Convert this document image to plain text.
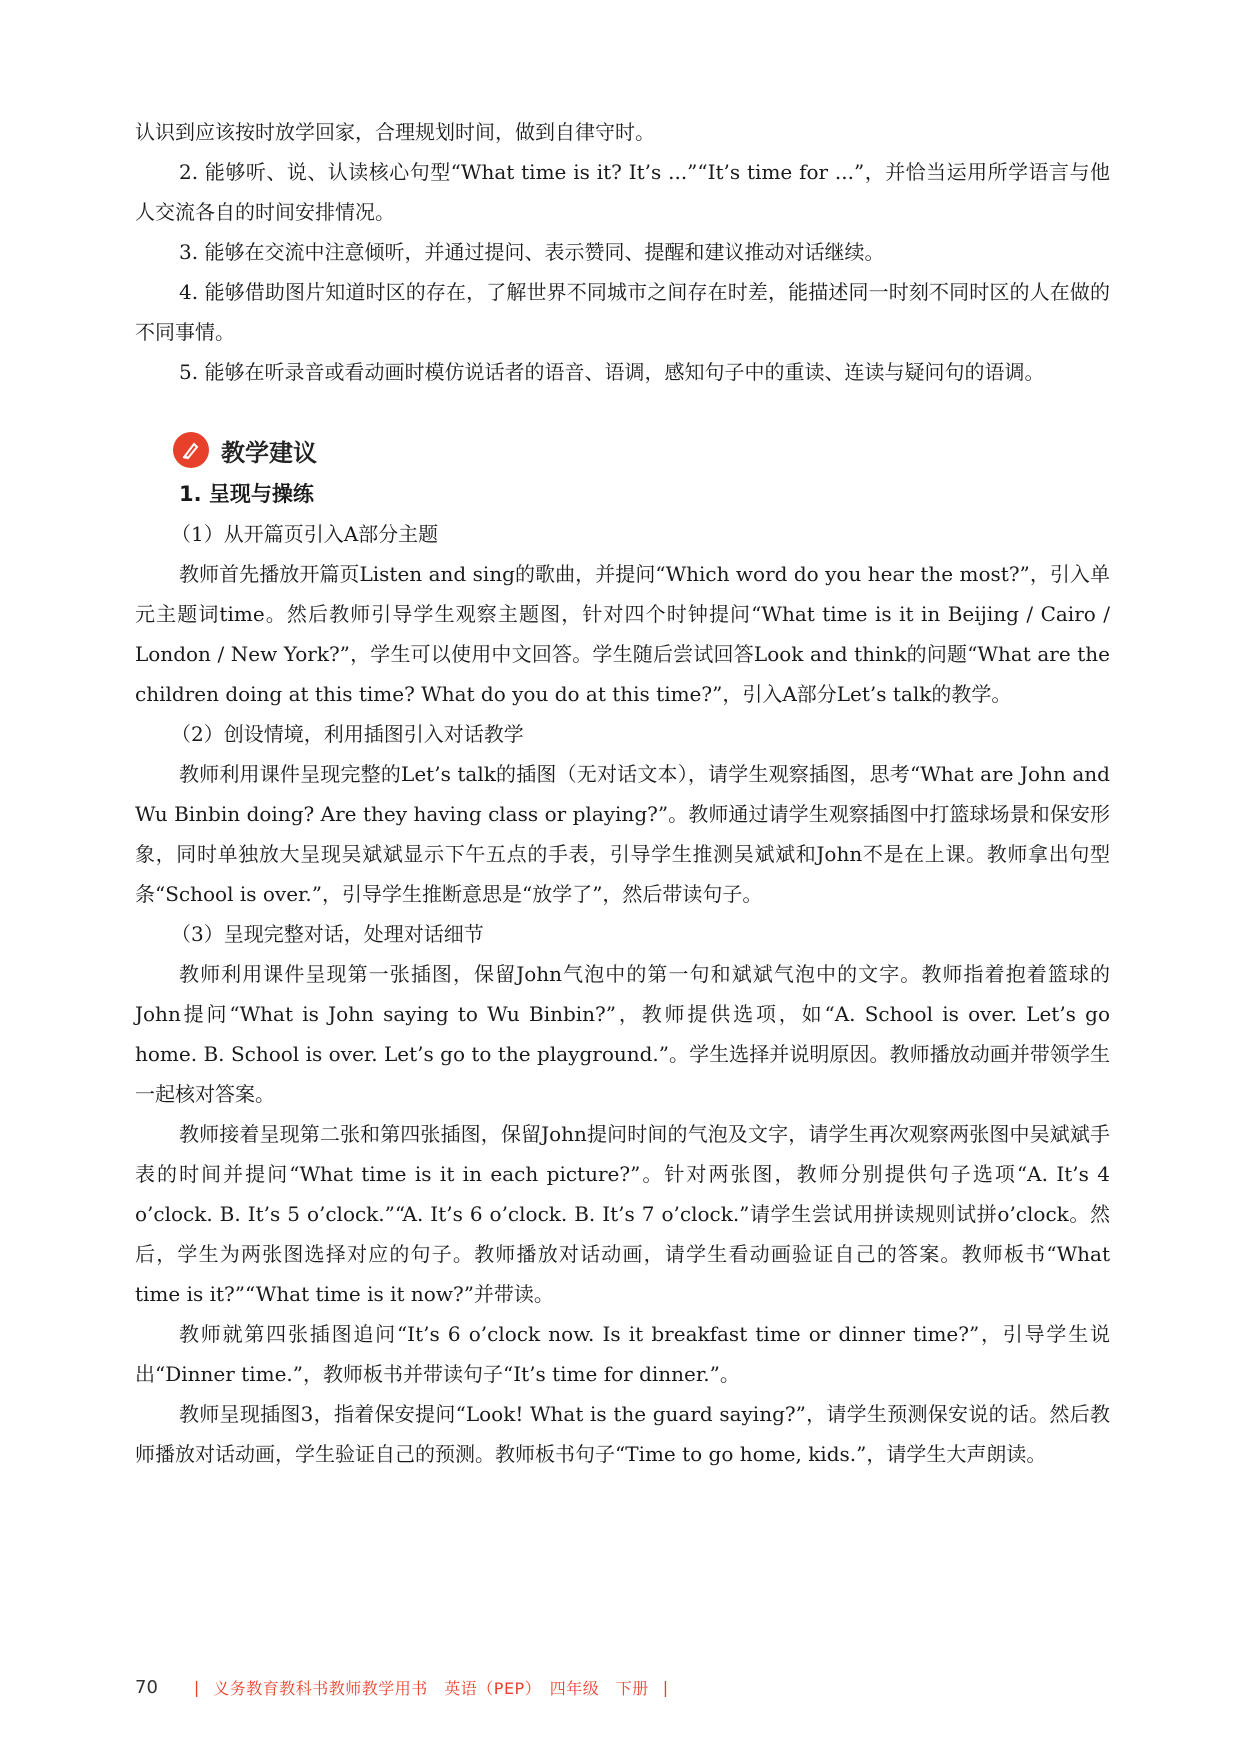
认识到应该按时放学回家，合理规划时间，做到自律守时。

2. 能够听、说、认读核心句型“What time is it? It’s ...”“It’s time for ...”，并恰当运用所学语言与他人交流各自的时间安排情况。

3. 能够在交流中注意倾听，并通过提问、表示赞同、提醒和建议推动对话继续。

4. 能够借助图片知道时区的存在，了解世界不同城市之间存在时差，能描述同一时刻不同时区的人在做的不同事情。

5. 能够在听录音或看动画时模仿说话者的语音、语调，感知句子中的重读、连读与疑问句的语调。

教学建议

1. 呈现与操练

（1）从开篇页引入A部分主题

教师首先播放开篇页Listen and sing的歌曲，并提问“Which word do you hear the most?”，引入单元主题词time。然后教师引导学生观察主题图，针对四个时钟提问“What time is it in Beijing / Cairo / London / New York?”，学生可以使用中文回答。学生随后尝试回答Look and think的问题“What are the children doing at this time? What do you do at this time?”，引入A部分Let’s talk的教学。

（2）创设情境，利用插图引入对话教学

教师利用课件呈现完整的Let’s talk的插图（无对话文本），请学生观察插图，思考“What are John and Wu Binbin doing? Are they having class or playing?”。教师通过请学生观察插图中打篮球场景和保安形象，同时单独放大呈现吴斌斌显示下午五点的手表，引导学生推测吴斌斌和John不是在上课。教师拿出句型条“School is over.”，引导学生推断意思是“放学了”，然后带读句子。

（3）呈现完整对话，处理对话细节

教师利用课件呈现第一张插图，保留John气泡中的第一句和斌斌气泡中的文字。教师指着抱着篮球的John提问“What is John saying to Wu Binbin?”，教师提供选项，如“A. School is over. Let’s go home. B. School is over. Let’s go to the playground.”。学生选择并说明原因。教师播放动画并带领学生一起核对答案。

教师接着呈现第二张和第四张插图，保留John提问时间的气泡及文字，请学生再次观察两张图中吴斌斌手表的时间并提问“What time is it in each picture?”。针对两张图，教师分别提供句子选项“A. It’s 4 o’clock. B. It’s 5 o’clock.”“A. It’s 6 o’clock. B. It’s 7 o’clock.”请学生尝试用拼读规则试拼o’clock。然后，学生为两张图选择对应的句子。教师播放对话动画，请学生看动画验证自己的答案。教师板书“What time is it?”“What time is it now?”并带读。

教师就第四张插图追问“It’s 6 o’clock now. Is it breakfast time or dinner time?”，引导学生说出“Dinner time.”，教师板书并带读句子“It’s time for dinner.”。

教师呈现插图3，指着保安提问“Look! What is the guard saying?”，请学生预测保安说的话。然后教师播放对话动画，学生验证自己的预测。教师板书句子“Time to go home, kids.”，请学生大声朗读。

70 | 义务教育教科书教师教学用书　英语（PEP）　四年级　下册 |
